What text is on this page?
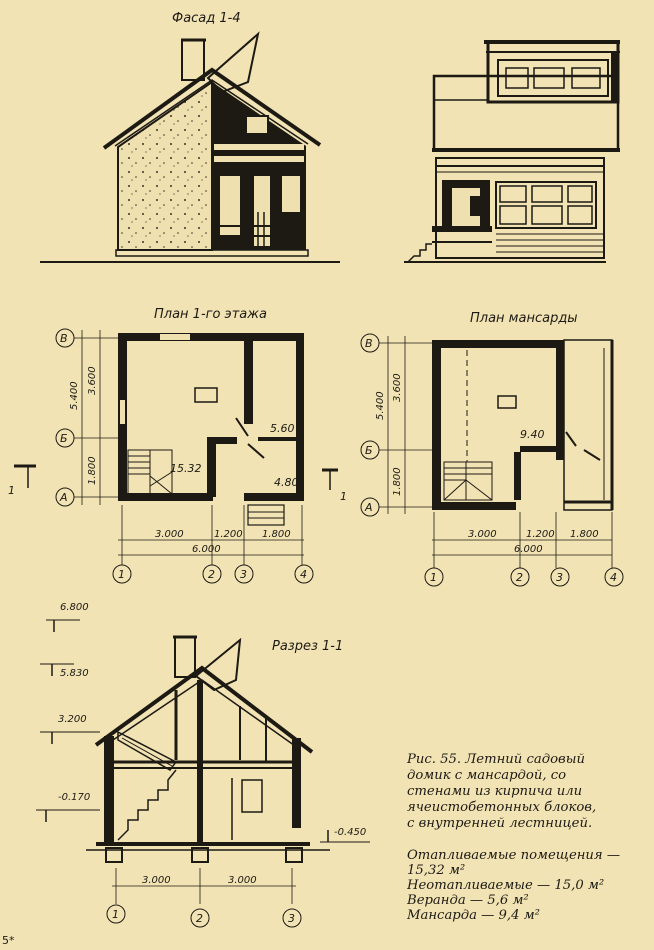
Фасад 1-4
План 1-го этажа	План мансарды
В
Б
А
5.400
3.600
1.800	15.32
5.60
4.80
1	1
3.000	1.200 1.800
6.000
1	2 3	4
В
Б
А
5.400
3.600
1.800
9.40
3.000	1.200 1.800
6.000
1	2	3	4
Разрез 1-1
6.800
5.830
3.200
-0.170
-0.450
3.000	3.000
1	2	3
Рис. 55. Летний садовый
домик с мансардой, со
стенами из кирпича или
ячеистобетонных блоков,
с внутренней лестницей.
Отапливаемые помещения —
15,32 м²
Неотапливаемые — 15,0 м²
Веранда — 5,6 м²
Мансарда — 9,4 м²
5*
